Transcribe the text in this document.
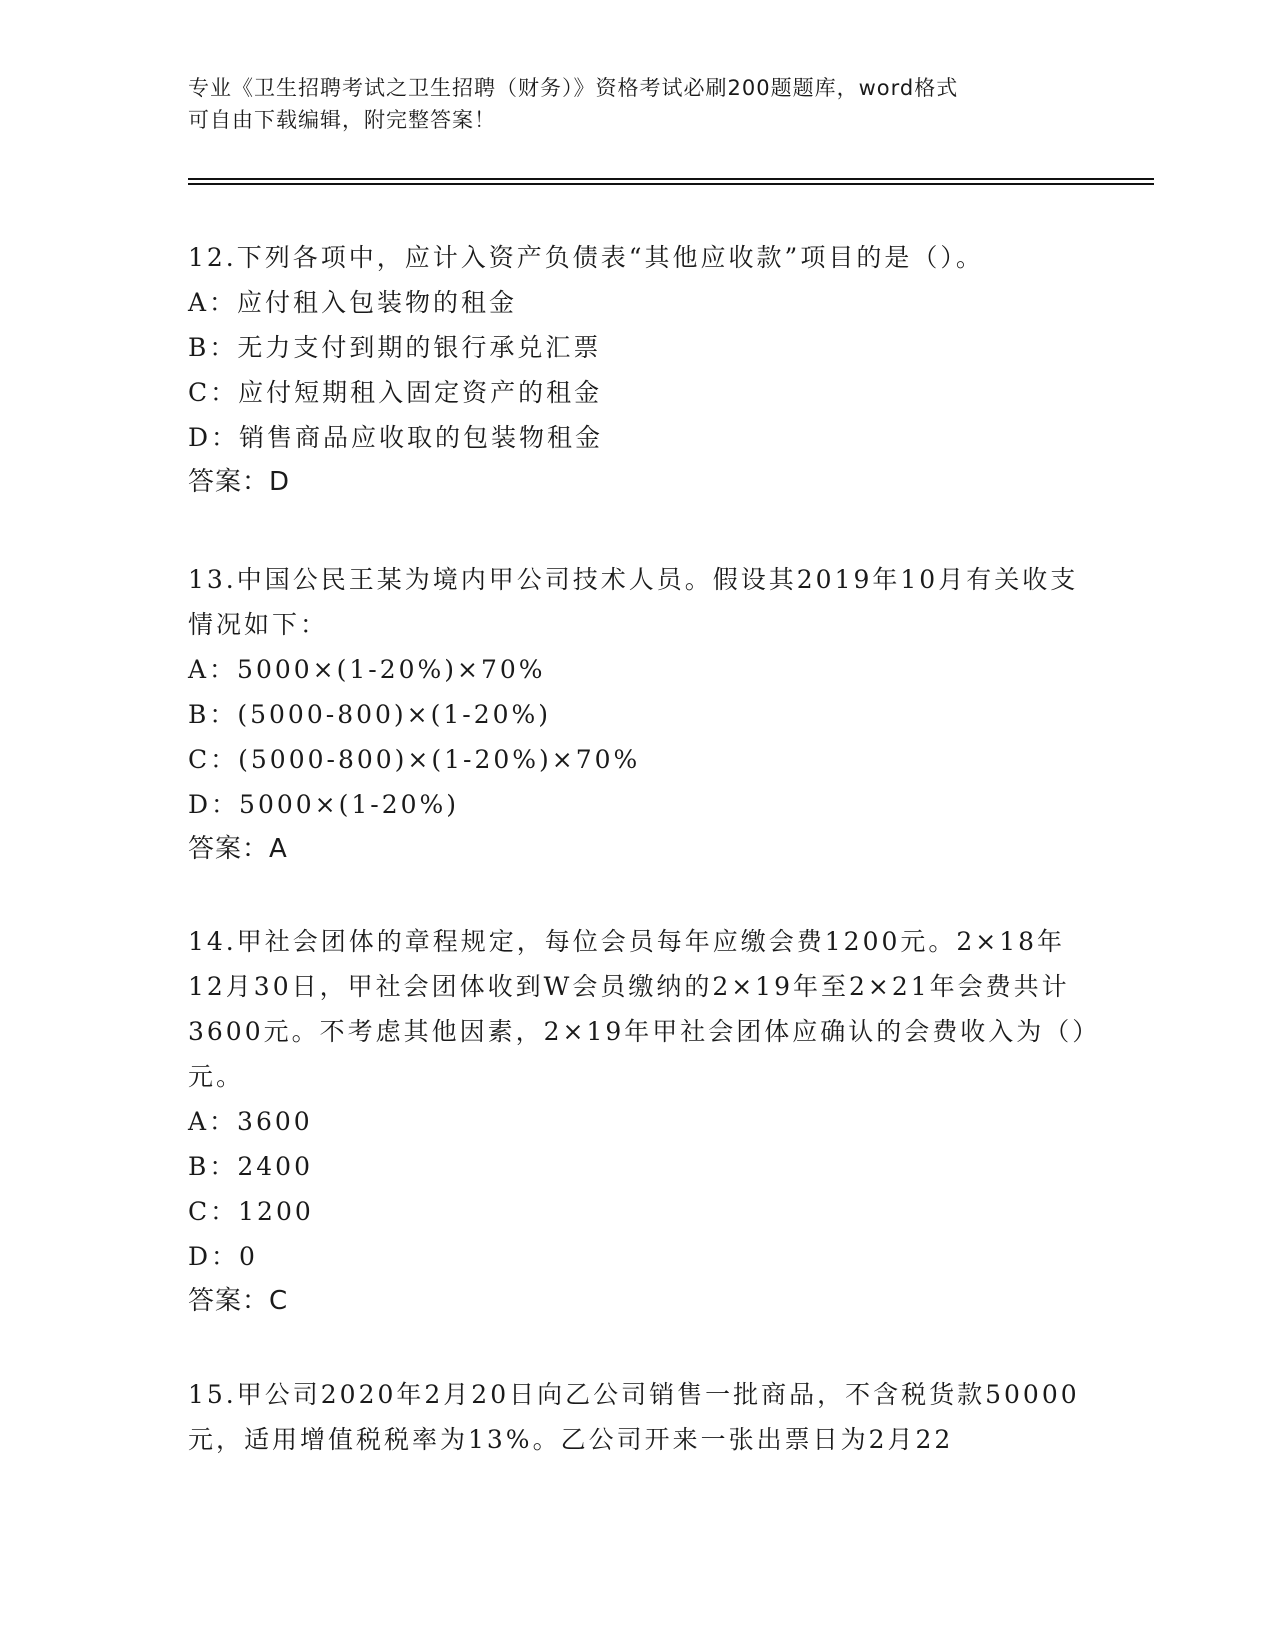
专业《卫生招聘考试之卫生招聘（财务）》资格考试必刷200题题库，word格式
可自由下载编辑，附完整答案！
12.下列各项中，应计入资产负债表“其他应收款”项目的是（）。
A：应付租入包装物的租金
B：无力支付到期的银行承兑汇票
C：应付短期租入固定资产的租金
D：销售商品应收取的包装物租金
答案：D
13.中国公民王某为境内甲公司技术人员。假设其2019年10月有关收支情况如下：
A：5000×(1-20%)×70%
B：(5000-800)×(1-20%)
C：(5000-800)×(1-20%)×70%
D：5000×(1-20%)
答案：A
14.甲社会团体的章程规定，每位会员每年应缴会费1200元。2×18年12月30日，甲社会团体收到W会员缴纳的2×19年至2×21年会费共计3600元。不考虑其他因素，2×19年甲社会团体应确认的会费收入为（）元。
A：3600
B：2400
C：1200
D：0
答案：C
15.甲公司2020年2月20日向乙公司销售一批商品，不含税货款50000元，适用增值税税率为13%。乙公司开来一张出票日为2月22
